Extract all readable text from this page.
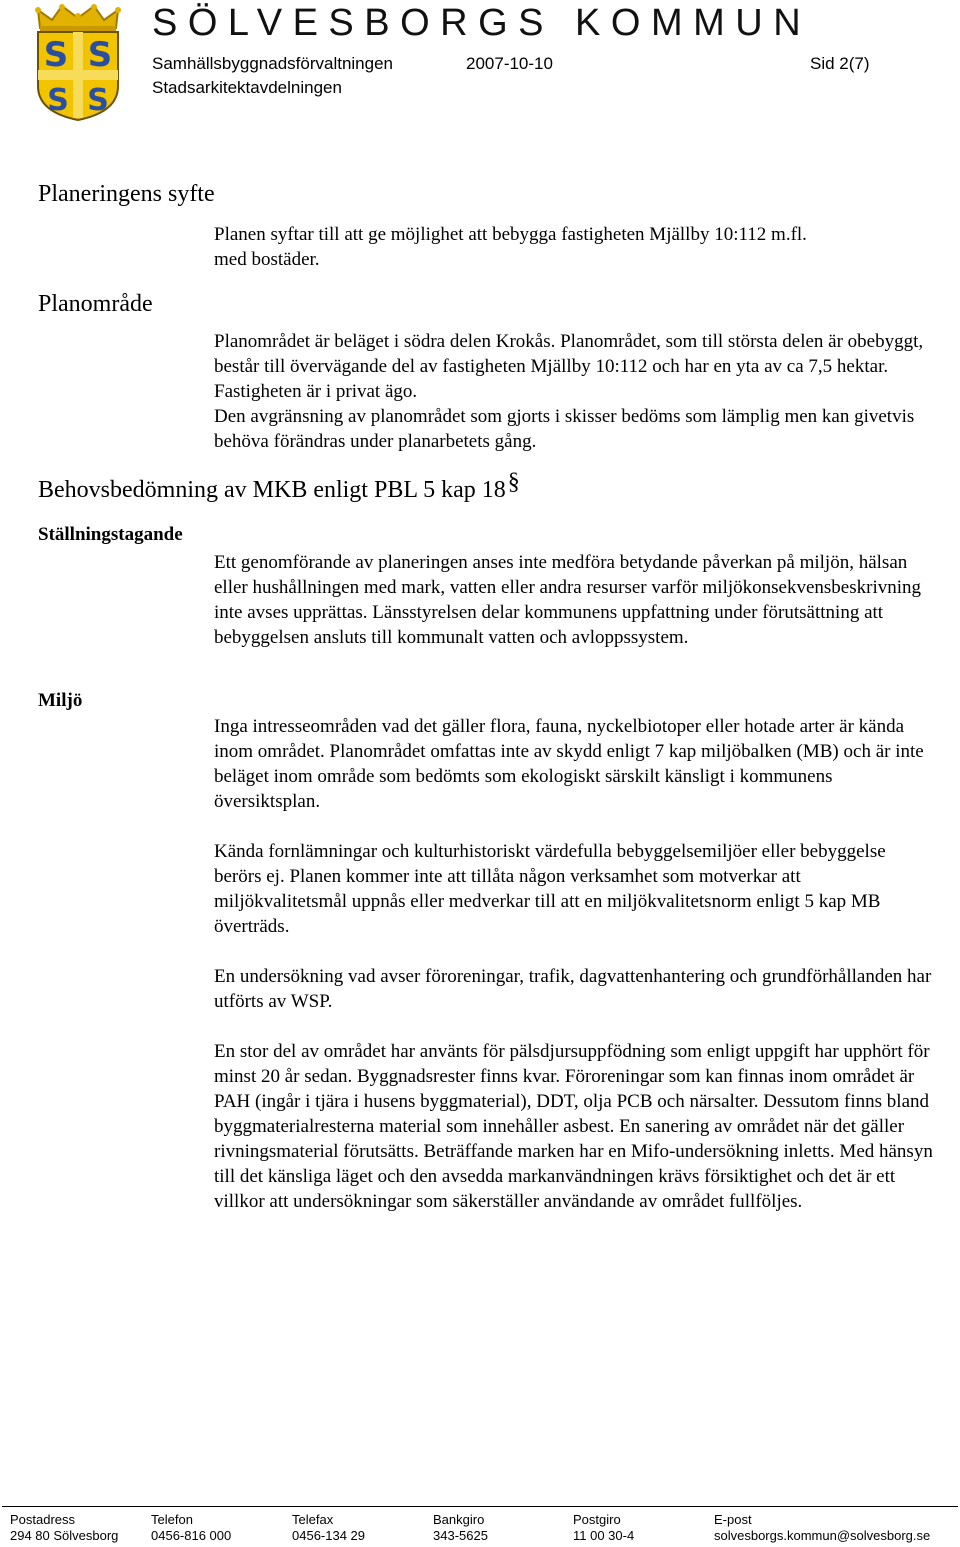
S S
S S
SÖLVESBORGS KOMMUN
Samhällsbyggnadsförvaltningen	2007-10-10	Sid 2(7)
Stadsarkitektavdelningen
Planeringens syfte

Planen syftar till att ge möjlighet att bebygga fastigheten Mjällby 10:112 m.fl. med bostäder.

Planområde

Planområdet är beläget i södra delen Krokås. Planområdet, som till största delen är obebyggt, består till övervägande del av fastigheten Mjällby 10:112 och har en yta av ca 7,5 hektar. Fastigheten är i privat ägo.

Den avgränsning av planområdet som gjorts i skisser bedöms som lämplig men kan givetvis behöva förändras under planarbetets gång.

Behovsbedömning av MKB enligt PBL 5 kap 18§
Ställningstagande

Ett genomförande av planeringen anses inte medföra betydande påverkan på miljön, hälsan eller hushållningen med mark, vatten eller andra resurser varför miljökonsekvensbeskrivning inte avses upprättas. Länsstyrelsen delar kommunens uppfattning under förutsättning att bebyggelsen ansluts till kommunalt vatten och avloppssystem.

Miljö

Inga intresseområden vad det gäller flora, fauna, nyckelbiotoper eller hotade arter är kända inom området. Planområdet omfattas inte av skydd enligt 7 kap miljöbalken (MB) och är inte beläget inom område som bedömts som ekologiskt särskilt känsligt i kommunens översiktsplan.

Kända fornlämningar och kulturhistoriskt värdefulla bebyggelsemiljöer eller bebyggelse berörs ej. Planen kommer inte att tillåta någon verksamhet som motverkar att miljökvalitetsmål uppnås eller medverkar till att en miljökvalitetsnorm enligt 5 kap MB överträds.

En undersökning vad avser föroreningar, trafik, dagvattenhantering och grundförhållanden har utförts av WSP.

En stor del av området har använts för pälsdjursuppfödning som enligt uppgift har upphört för minst 20 år sedan. Byggnadsrester finns kvar. Föroreningar som kan finnas inom området är PAH (ingår i tjära i husens byggmaterial), DDT, olja PCB och närsalter. Dessutom finns bland byggmaterialresterna material som innehåller asbest. En sanering av området när det gäller rivningsmaterial förutsätts. Beträffande marken har en Mifo-undersökning inletts. Med hänsyn till det känsliga läget och den avsedda markanvändningen krävs försiktighet och det är ett villkor att undersökningar som säkerställer användande av området fullföljes.

Postadress
294 80 Sölvesborg
Telefon
0456-816 000
Telefax
0456-134 29
Bankgiro
343-5625
Postgiro
11 00 30-4
E-post
solvesborgs.kommun@solvesborg.se
